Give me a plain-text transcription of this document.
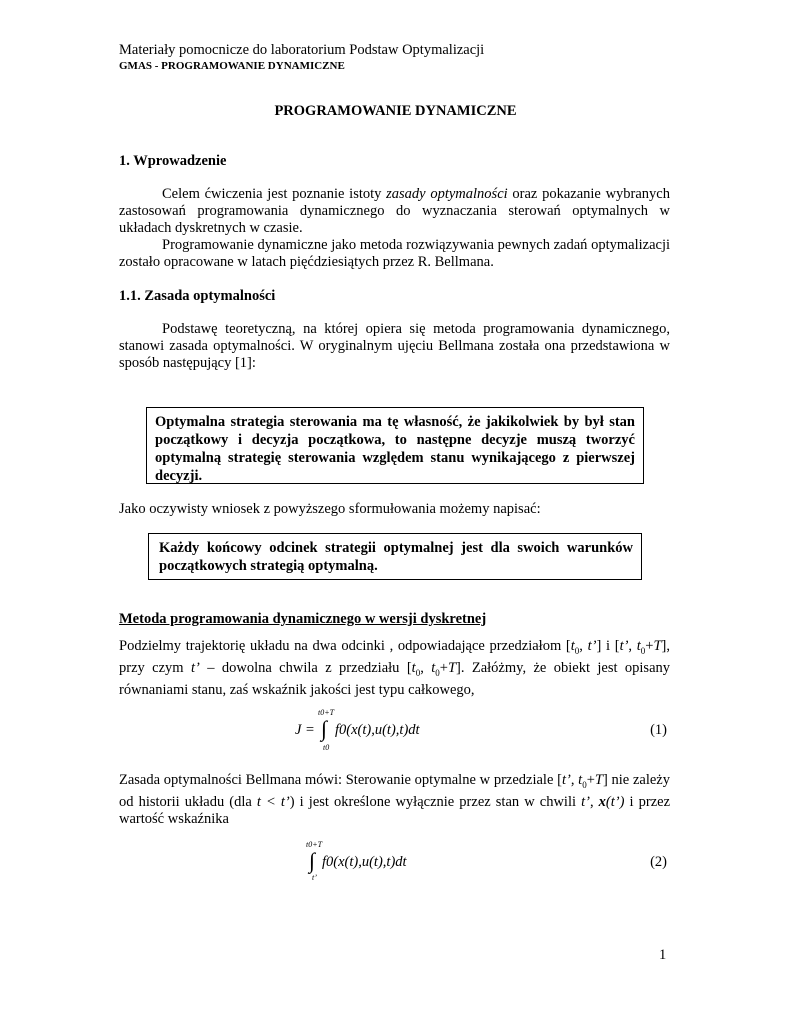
Materiały pomocnicze do laboratorium Podstaw Optymalizacji
GMAS - PROGRAMOWANIE DYNAMICZNE
PROGRAMOWANIE DYNAMICZNE
1. Wprowadzenie

Celem ćwiczenia jest poznanie istoty zasady optymalności oraz pokazanie wybranych zastosowań programowania dynamicznego do wyznaczania sterowań optymalnych w układach dyskretnych w czasie.

Programowanie dynamiczne jako metoda rozwiązywania pewnych zadań optymalizacji zostało opracowane w latach pięćdziesiątych przez R. Bellmana.

1.1. Zasada optymalności

Podstawę teoretyczną, na której opiera się metoda programowania dynamicznego, stanowi zasada optymalności. W oryginalnym ujęciu Bellmana została ona przedstawiona w sposób następujący [1]:

Optymalna strategia sterowania ma tę własność, że jakikolwiek by był stan początkowy i decyzja początkowa, to następne decyzje muszą tworzyć optymalną strategię sterowania względem stanu wynikającego z pierwszej decyzji.
Jako oczywisty wniosek z powyższego sformułowania możemy napisać:
Każdy końcowy odcinek strategii optymalnej jest dla swoich warunków początkowych strategią optymalną.
Metoda programowania dynamicznego w wersji dyskretnej

Podzielmy trajektorię układu na dwa odcinki , odpowiadające przedziałom [$t_0$, t’] i [t’, $t_0+T$], przy czym t’ – dowolna chwila z przedziału [$t_0$, $t_0+T$]. Załóżmy, że obiekt jest opisany równaniami stanu, zaś wskaźnik jakości jest typu całkowego,

J =
t0+T
∫
t0
f0(x(t),u(t),t)dt	(1)

Zasada optymalności Bellmana mówi: Sterowanie optymalne w przedziale [t’, $t_0+T$] nie zależy od historii układu (dla t < t’) i jest określone wyłącznie przez stan w chwili t’, x(t’) i przez wartość wskaźnika

t0+T
∫
t’
f0(x(t),u(t),t)dt	(2)
1
